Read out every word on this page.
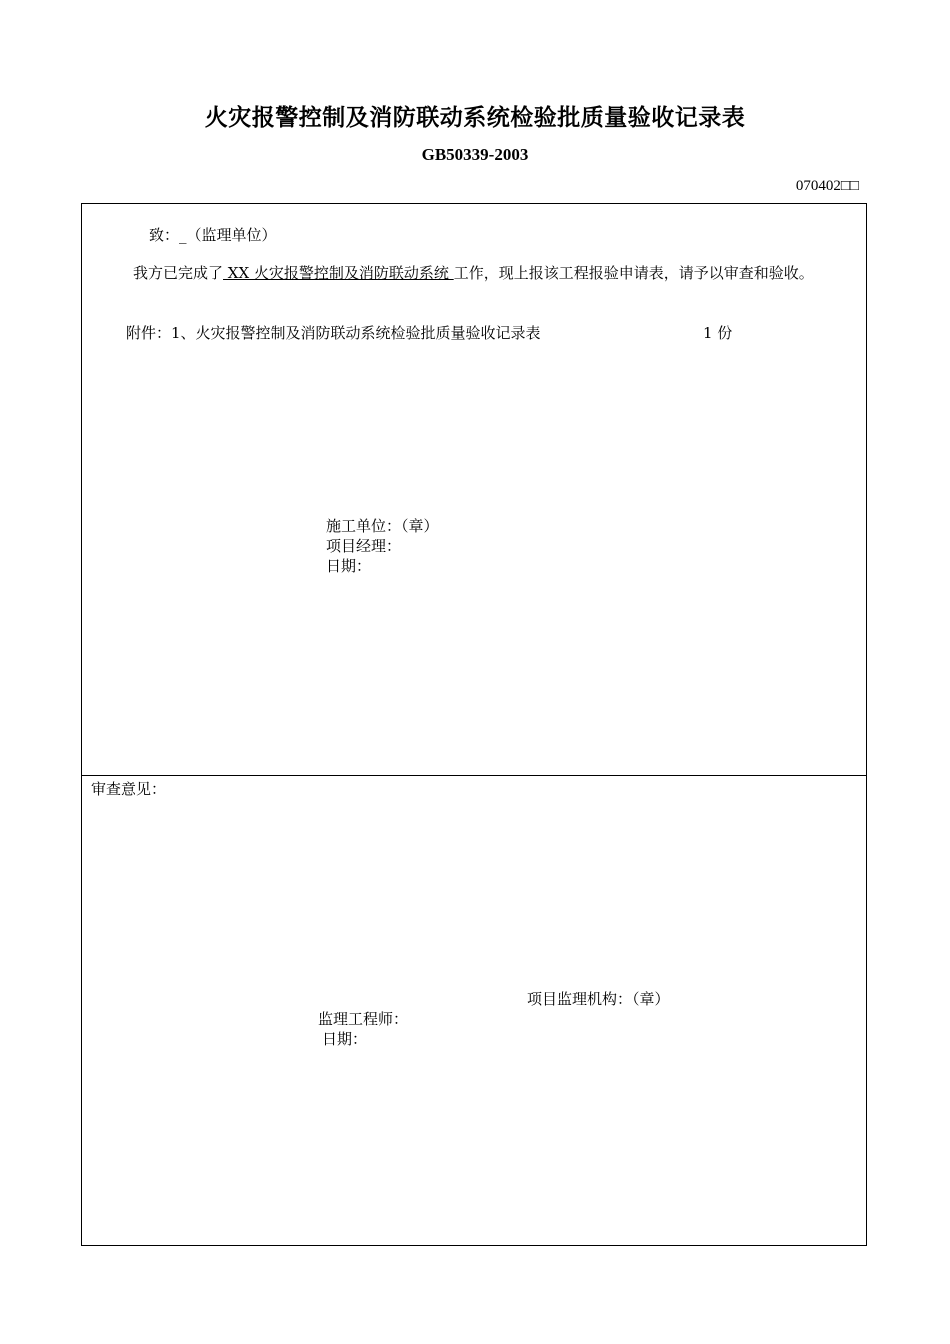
火灾报警控制及消防联动系统检验批质量验收记录表
GB50339-2003
070402□□
致：_（监理单位）
我方已完成了 XX 火灾报警控制及消防联动系统 工作，现上报该工程报验申请表，请予以审查和验收。
附件：1、火灾报警控制及消防联动系统检验批质量验收记录表	1 份
施工单位：（章）
项目经理：
日期：
审查意见：
项目监理机构：（章）
监理工程师：
日期：
